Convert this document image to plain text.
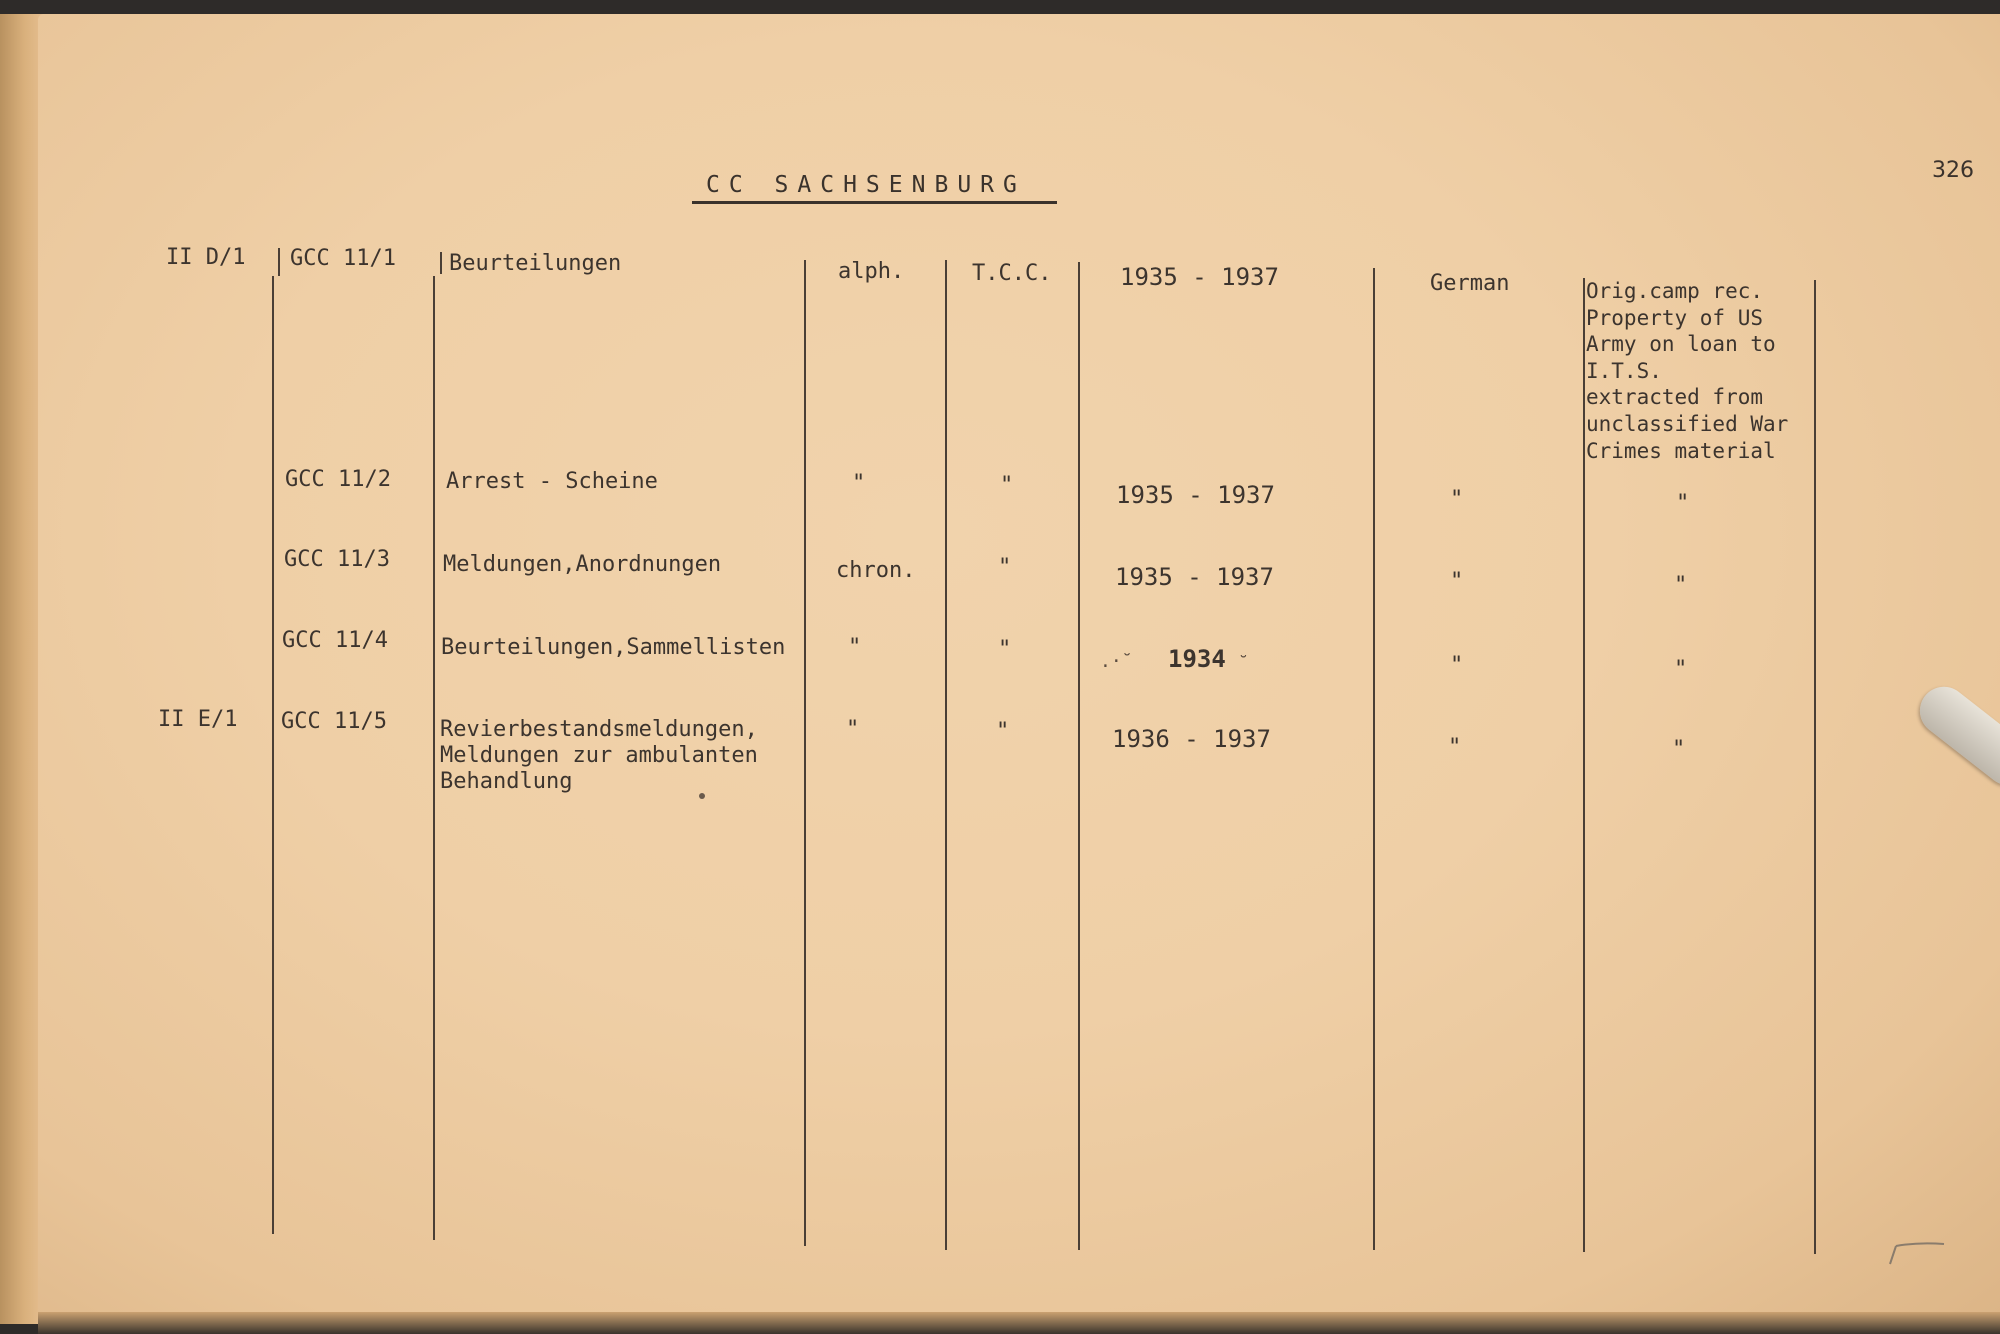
CC SACHSENBURG
326
II D/1 GCC 11/1 Beurteilungen	alph.	T.C.C.	1935 - 1937	German	Orig.camp rec.
Property of US
Army on loan to
I.T.S.
extracted from
unclassified War
Crimes material
GCC 11/2	Arrest - Scheine	"	"	1935 - 1937	"	"
GCC 11/3 Meldungen,Anordnungen	chron.	"	1935 - 1937	"	"
GCC 11/4 Beurteilungen,Sammellisten	"	"	.·˘ 1934 ˘	"	"
II E/1 GCC 11/5 Revierbestandsmeldungen,
Meldungen zur ambulanten
Behandlung
"	"	1936 - 1937	"	"
